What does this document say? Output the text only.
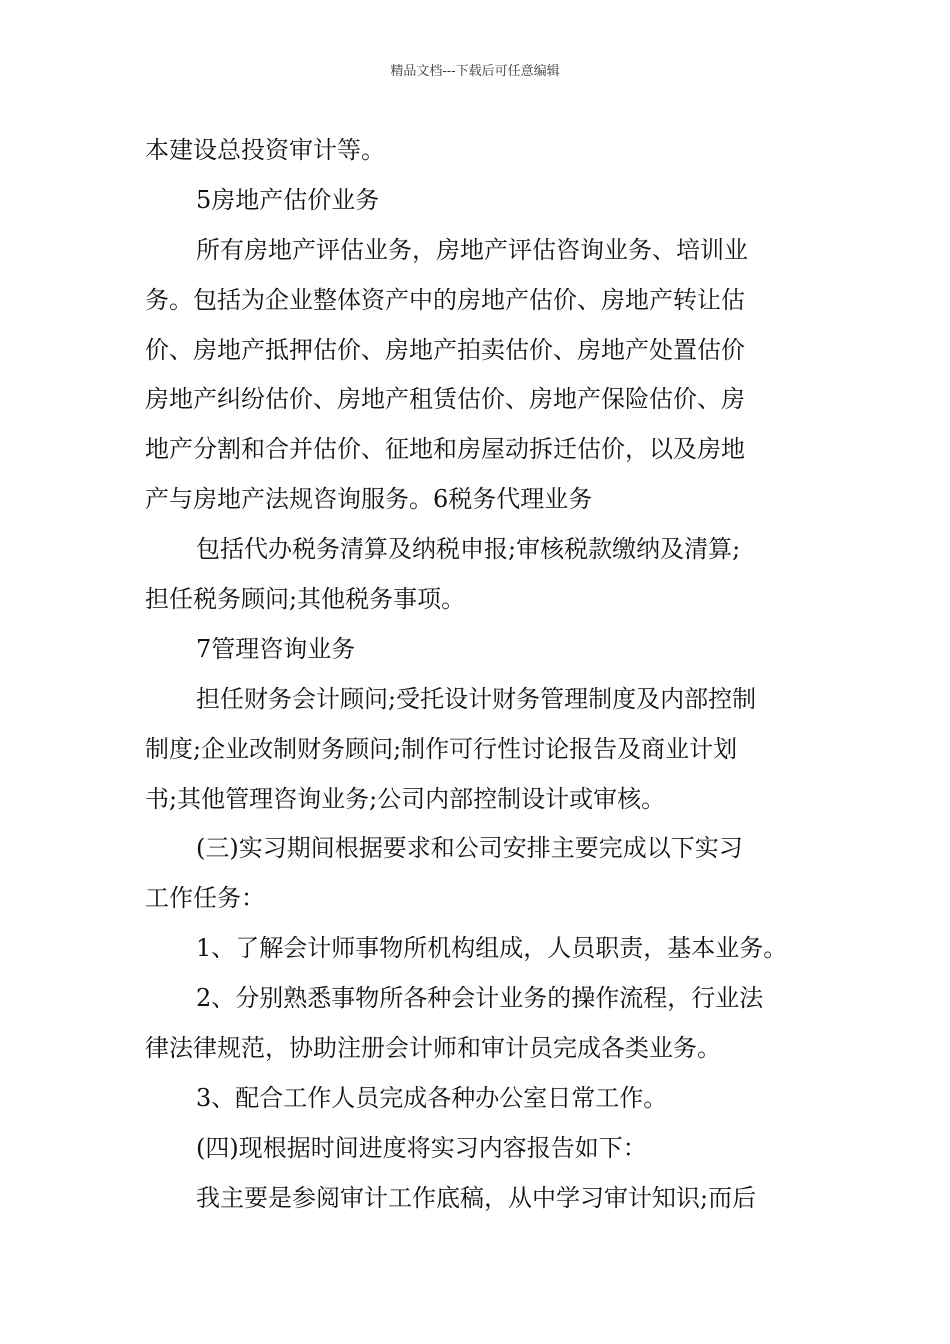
精品文档---下载后可任意编辑
本建设总投资审计等。
5房地产估价业务
所有房地产评估业务，房地产评估咨询业务、培训业
务。包括为企业整体资产中的房地产估价、房地产转让估
价、房地产抵押估价、房地产拍卖估价、房地产处置估价
房地产纠纷估价、房地产租赁估价、房地产保险估价、房
地产分割和合并估价、征地和房屋动拆迁估价，以及房地
产与房地产法规咨询服务。6税务代理业务
包括代办税务清算及纳税申报;审核税款缴纳及清算;
担任税务顾问;其他税务事项。
7管理咨询业务
担任财务会计顾问;受托设计财务管理制度及内部控制
制度;企业改制财务顾问;制作可行性讨论报告及商业计划
书;其他管理咨询业务;公司内部控制设计或审核。
(三)实习期间根据要求和公司安排主要完成以下实习
工作任务：
1、了解会计师事物所机构组成，人员职责，基本业务。
2、分别熟悉事物所各种会计业务的操作流程，行业法
律法律规范，协助注册会计师和审计员完成各类业务。
3、配合工作人员完成各种办公室日常工作。
(四)现根据时间进度将实习内容报告如下：
我主要是参阅审计工作底稿，从中学习审计知识;而后
